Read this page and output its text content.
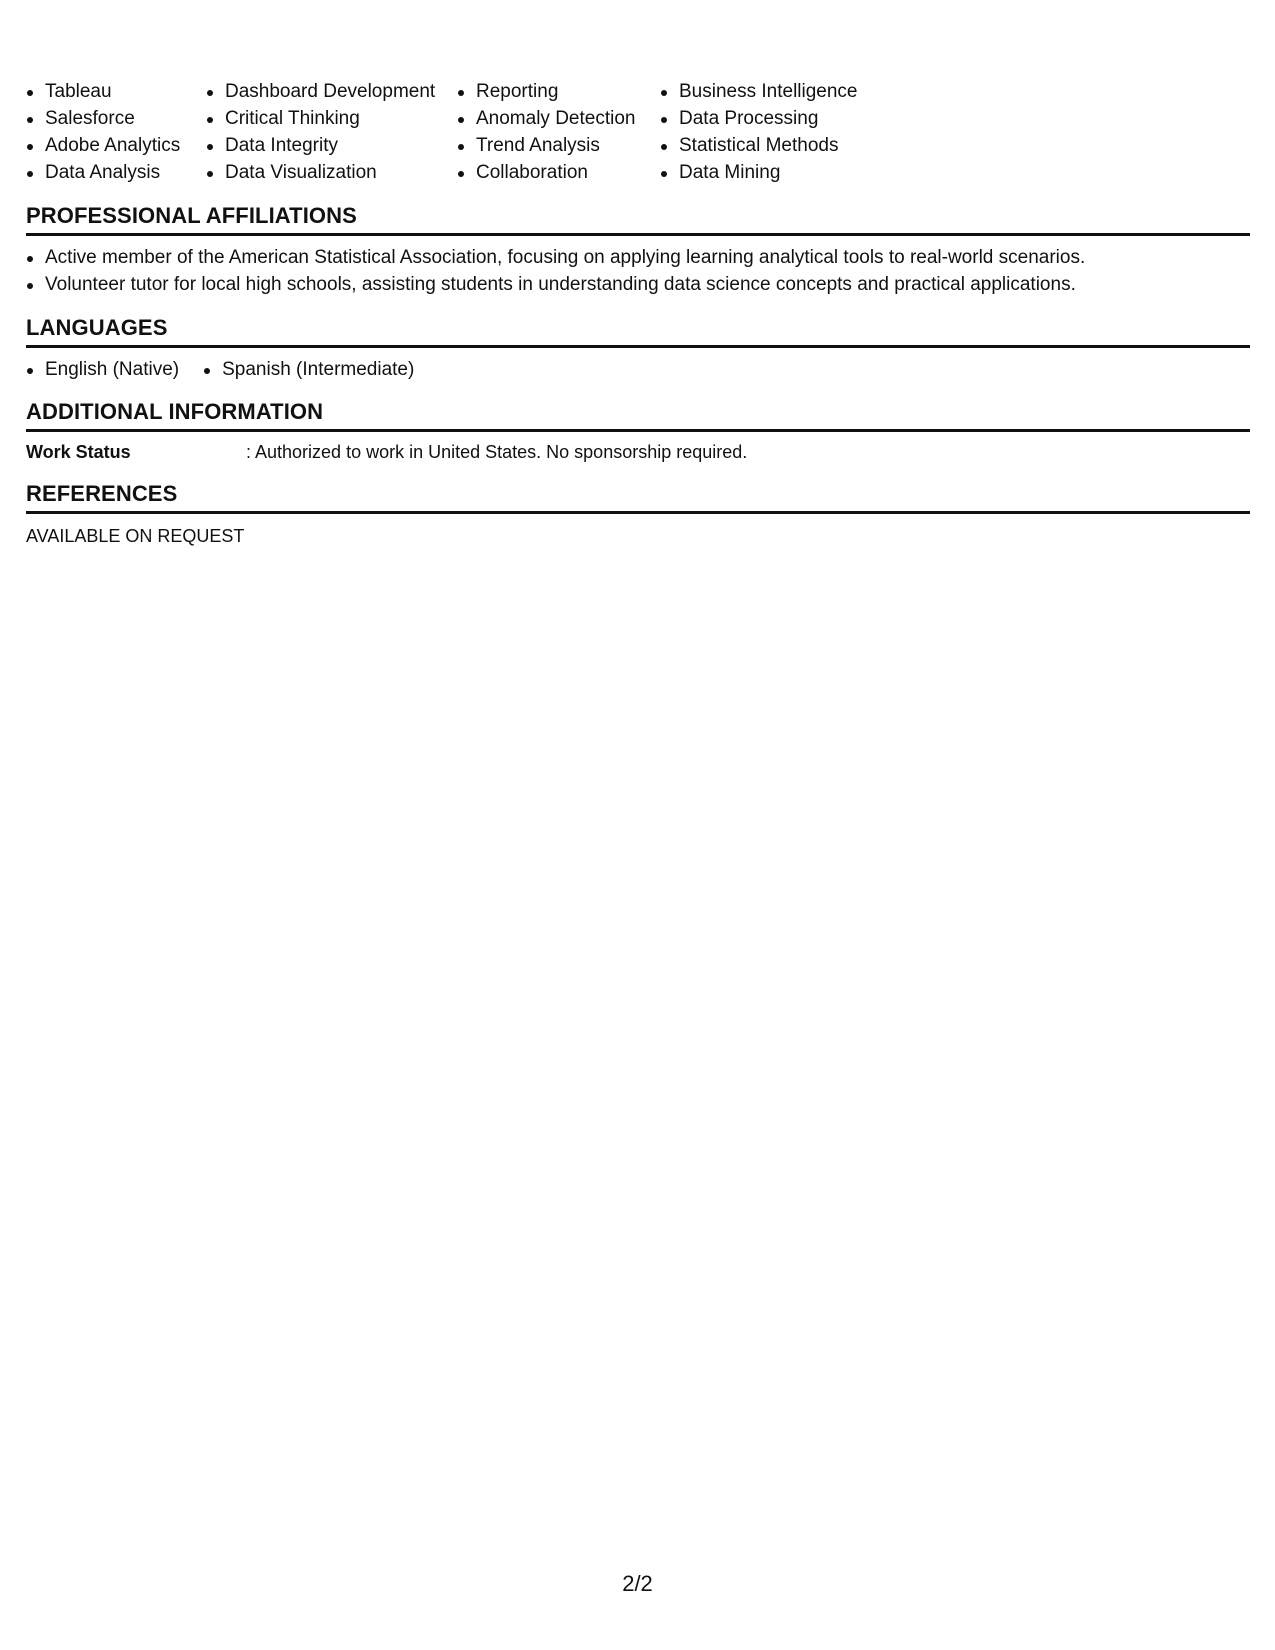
Tableau
Salesforce
Adobe Analytics
Data Analysis
Dashboard Development
Critical Thinking
Data Integrity
Data Visualization
Reporting
Anomaly Detection
Trend Analysis
Collaboration
Business Intelligence
Data Processing
Statistical Methods
Data Mining
PROFESSIONAL AFFILIATIONS
Active member of the American Statistical Association, focusing on applying learning analytical tools to real-world scenarios.
Volunteer tutor for local high schools, assisting students in understanding data science concepts and practical applications.
LANGUAGES
English (Native)	Spanish (Intermediate)
ADDITIONAL INFORMATION
Work Status	: Authorized to work in United States. No sponsorship required.
REFERENCES
AVAILABLE ON REQUEST
2/2
